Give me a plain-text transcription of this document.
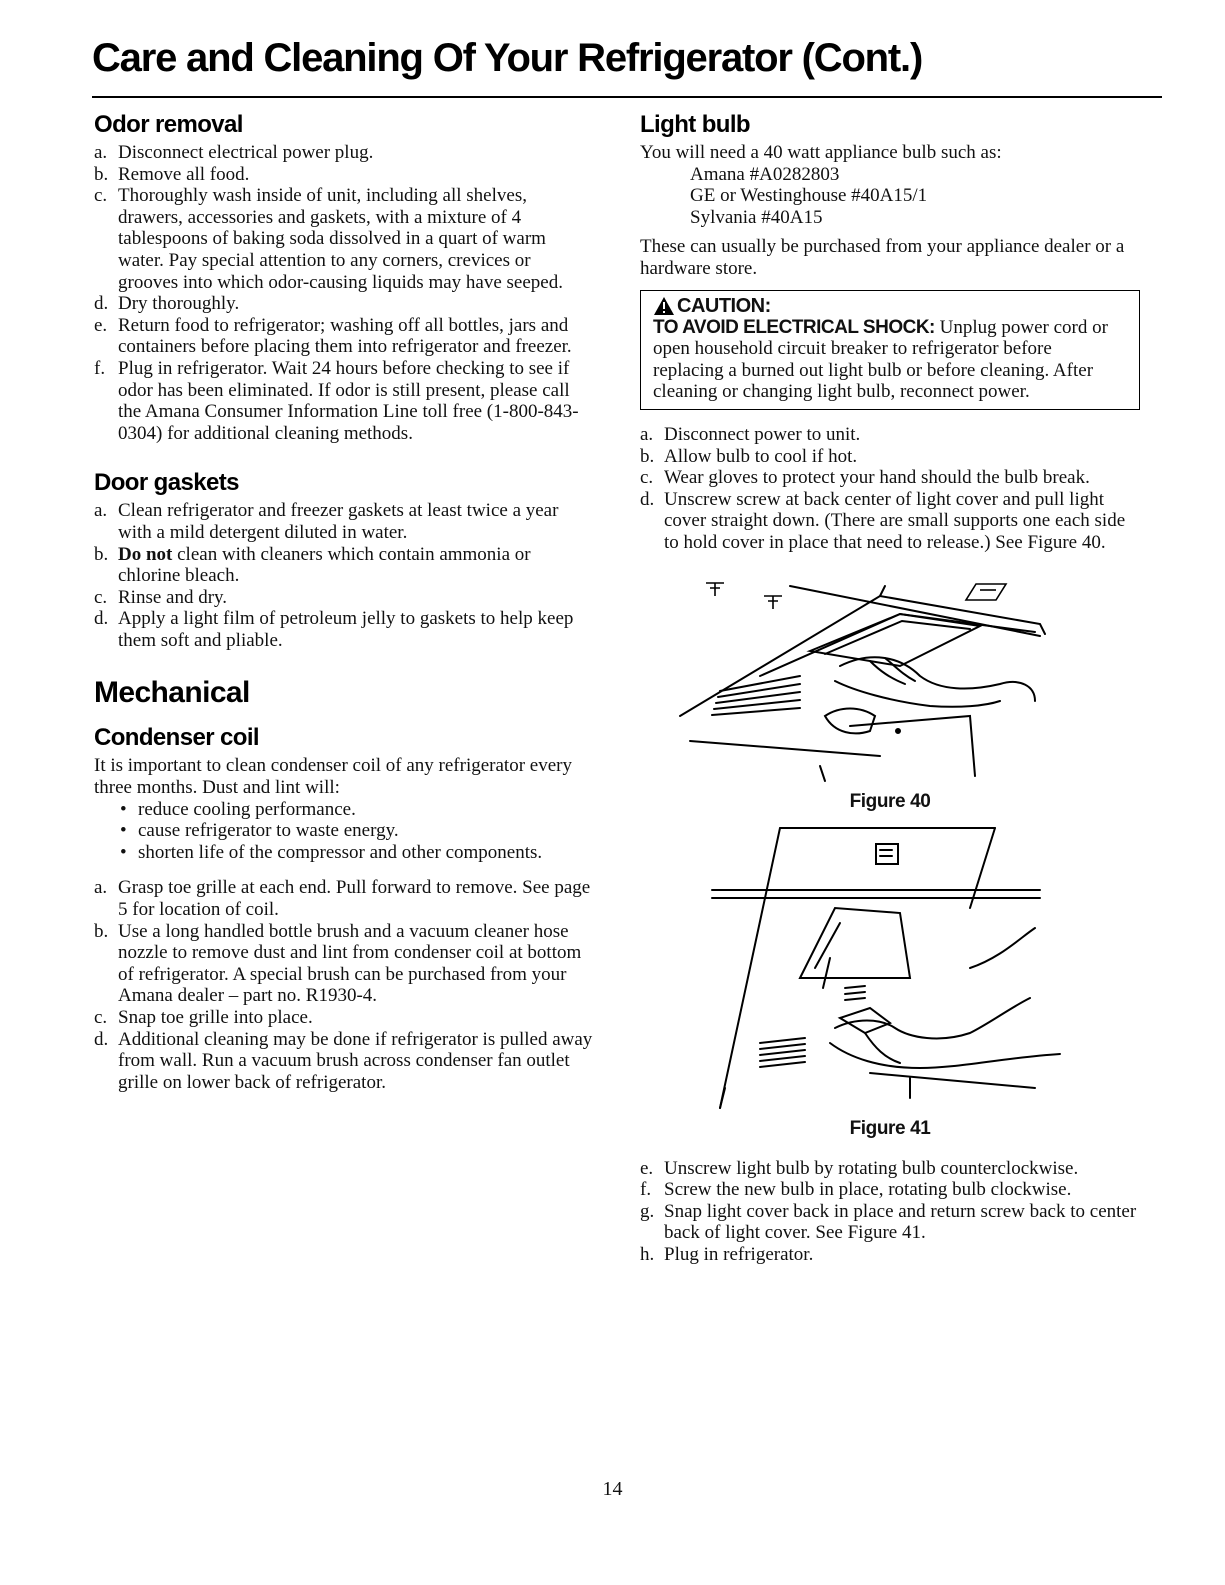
Care and Cleaning Of Your Refrigerator (Cont.)
Odor removal
a. Disconnect electrical power plug.
b. Remove all food.
c. Thoroughly wash inside of unit, including all shelves, drawers, accessories and gaskets, with a mixture of 4 tablespoons of baking soda dissolved in a quart of warm water. Pay special attention to any corners, crevices or grooves into which odor-causing liquids may have seeped.
d. Dry thoroughly.
e. Return food to refrigerator; washing off all bottles, jars and containers before placing them into refrigerator and freezer.
f. Plug in refrigerator. Wait 24 hours before checking to see if odor has been eliminated. If odor is still present, please call the Amana Consumer Information Line toll free (1-800-843-0304) for additional cleaning methods.
Door gaskets
a. Clean refrigerator and freezer gaskets at least twice a year with a mild detergent diluted in water.
b. Do not clean with cleaners which contain ammonia or chlorine bleach.
c. Rinse and dry.
d. Apply a light film of petroleum jelly to gaskets to help keep them soft and pliable.
Mechanical
Condenser coil

It is important to clean condenser coil of any refrigerator every three months. Dust and lint will:

• reduce cooling performance.
• cause refrigerator to waste energy.
• shorten life of the compressor and other components.
a. Grasp toe grille at each end. Pull forward to remove. See page 5 for location of coil.
b. Use a long handled bottle brush and a vacuum cleaner hose nozzle to remove dust and lint from condenser coil at bottom of refrigerator. A special brush can be purchased from your Amana dealer – part no. R1930-4.
c. Snap toe grille into place.
d. Additional cleaning may be done if refrigerator is pulled away from wall. Run a vacuum brush across condenser fan outlet grille on lower back of refrigerator.
Light bulb

You will need a 40 watt appliance bulb such as:

Amana #A0282803
GE or Westinghouse #40A15/1
Sylvania #40A15

These can usually be purchased from your appliance dealer or a hardware store.

CAUTION:
TO AVOID ELECTRICAL SHOCK: Unplug power cord or open household circuit breaker to refrigerator before replacing a burned out light bulb or before cleaning. After cleaning or changing light bulb, reconnect power.
a. Disconnect power to unit.
b. Allow bulb to cool if hot.
c. Wear gloves to protect your hand should the bulb break.
d. Unscrew screw at back center of light cover and pull light cover straight down. (There are small supports one each side to hold cover in place that need to release.) See Figure 40.

Figure 40

Figure 41

e. Unscrew light bulb by rotating bulb counterclockwise.
f. Screw the new bulb in place, rotating bulb clockwise.
g. Snap light cover back in place and return screw back to center back of light cover. See Figure 41.
h. Plug in refrigerator.
14
